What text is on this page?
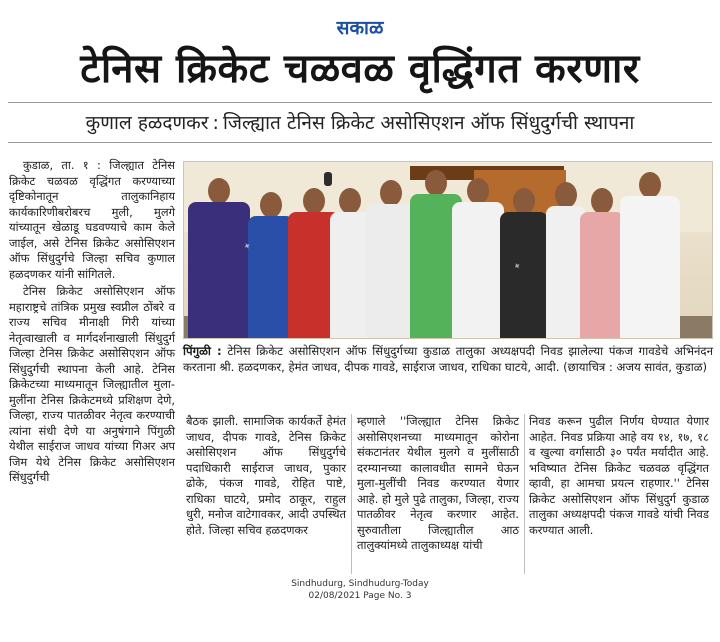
सकाळ
टेनिस क्रिकेट चळवळ वृद्धिंगत करणार
कुणाल हळदणकर : जिल्ह्यात टेनिस क्रिकेट असोसिएशन ऑफ सिंधुदुर्गची स्थापना

कुडाळ, ता. १ : जिल्ह्यात टेनिस क्रिकेट चळवळ वृद्धिंगत करण्याच्या दृष्टिकोनातून तालुकानिहाय कार्यकारिणीबरोबरच मुली, मुलगे यांच्यातून खेळाडू घडवण्याचे काम केले जाईल, असे टेनिस क्रिकेट असोसिएशन ऑफ सिंधुदुर्गचे जिल्हा सचिव कुणाल हळदणकर यांनी सांगितले.

टेनिस क्रिकेट असोसिएशन ऑफ महाराष्ट्रचे तांत्रिक प्रमुख स्वप्नील ठोंबरे व राज्य सचिव मीनाक्षी गिरी यांच्या नेतृत्वाखाली व मार्गदर्शनाखाली सिंधुदुर्ग जिल्हा टेनिस क्रिकेट असोसिएशन ऑफ सिंधुदुर्गची स्थापना केली आहे. टेनिस क्रिकेटच्या माध्यमातून जिल्ह्यातील मुला-मुलींना टेनिस क्रिकेटमध्ये प्रशिक्षण देणे, जिल्हा, राज्य पातळीवर नेतृत्व करण्याची त्यांना संधी देणे या अनुषंगाने पिंगुळी येथील साईराज जाधव यांच्या गिअर अप जिम येथे टेनिस क्रिकेट असोसिएशन सिंधुदुर्गची

✦
✦
पिंगुळी : टेनिस क्रिकेट असोसिएशन ऑफ सिंधुदुर्गच्या कुडाळ तालुका अध्यक्षपदी निवड झालेल्या पंकज गावडेचे अभिनंदन करताना श्री. हळदणकर, हेमंत जाधव, दीपक गावडे, साईराज जाधव, राधिका घाटये, आदी. (छायाचित्र : अजय सावंत, कुडाळ)

बैठक झाली. सामाजिक कार्यकर्ते हेमंत जाधव, दीपक गावडे, टेनिस क्रिकेट असोसिएशन ऑफ सिंधुदुर्गचे पदाधिकारी साईराज जाधव, पुकार ढोके, पंकज गावडे, रोहित पाष्टे, राधिका घाटये, प्रमोद ठाकूर, राहुल धुरी, मनोज वाटेगावकर, आदी उपस्थित होते. जिल्हा सचिव हळदणकर

म्हणाले ''जिल्ह्यात टेनिस क्रिकेट असोसिएशनच्या माध्यमातून कोरोना संकटानंतर येथील मुलगे व मुलींसाठी दरम्यानच्या कालावधीत सामने घेऊन मुला-मुलींची निवड करण्यात येणार आहे. हो मुले पुढे तालुका, जिल्हा, राज्य पातळीवर नेतृत्व करणार आहेत. सुरुवातीला जिल्ह्यातील आठ तालुक्यांमध्ये तालुकाध्यक्ष यांची

निवड करून पुढील निर्णय घेण्यात येणार आहेत. निवड प्रक्रिया आहे वय १४, १७, १८ व खुल्या वर्गासाठी ३० पर्यंत मर्यादीत आहे. भविष्यात टेनिस क्रिकेट चळवळ वृद्धिंगत व्हावी, हा आमचा प्रयत्न राहणार.'' टेनिस क्रिकेट असोसिएशन ऑफ सिंधुदुर्ग कुडाळ तालुका अध्यक्षपदी पंकज गावडे यांची निवड करण्यात आली.

Sindhudurg, Sindhudurg-Today
02/08/2021 Page No. 3
